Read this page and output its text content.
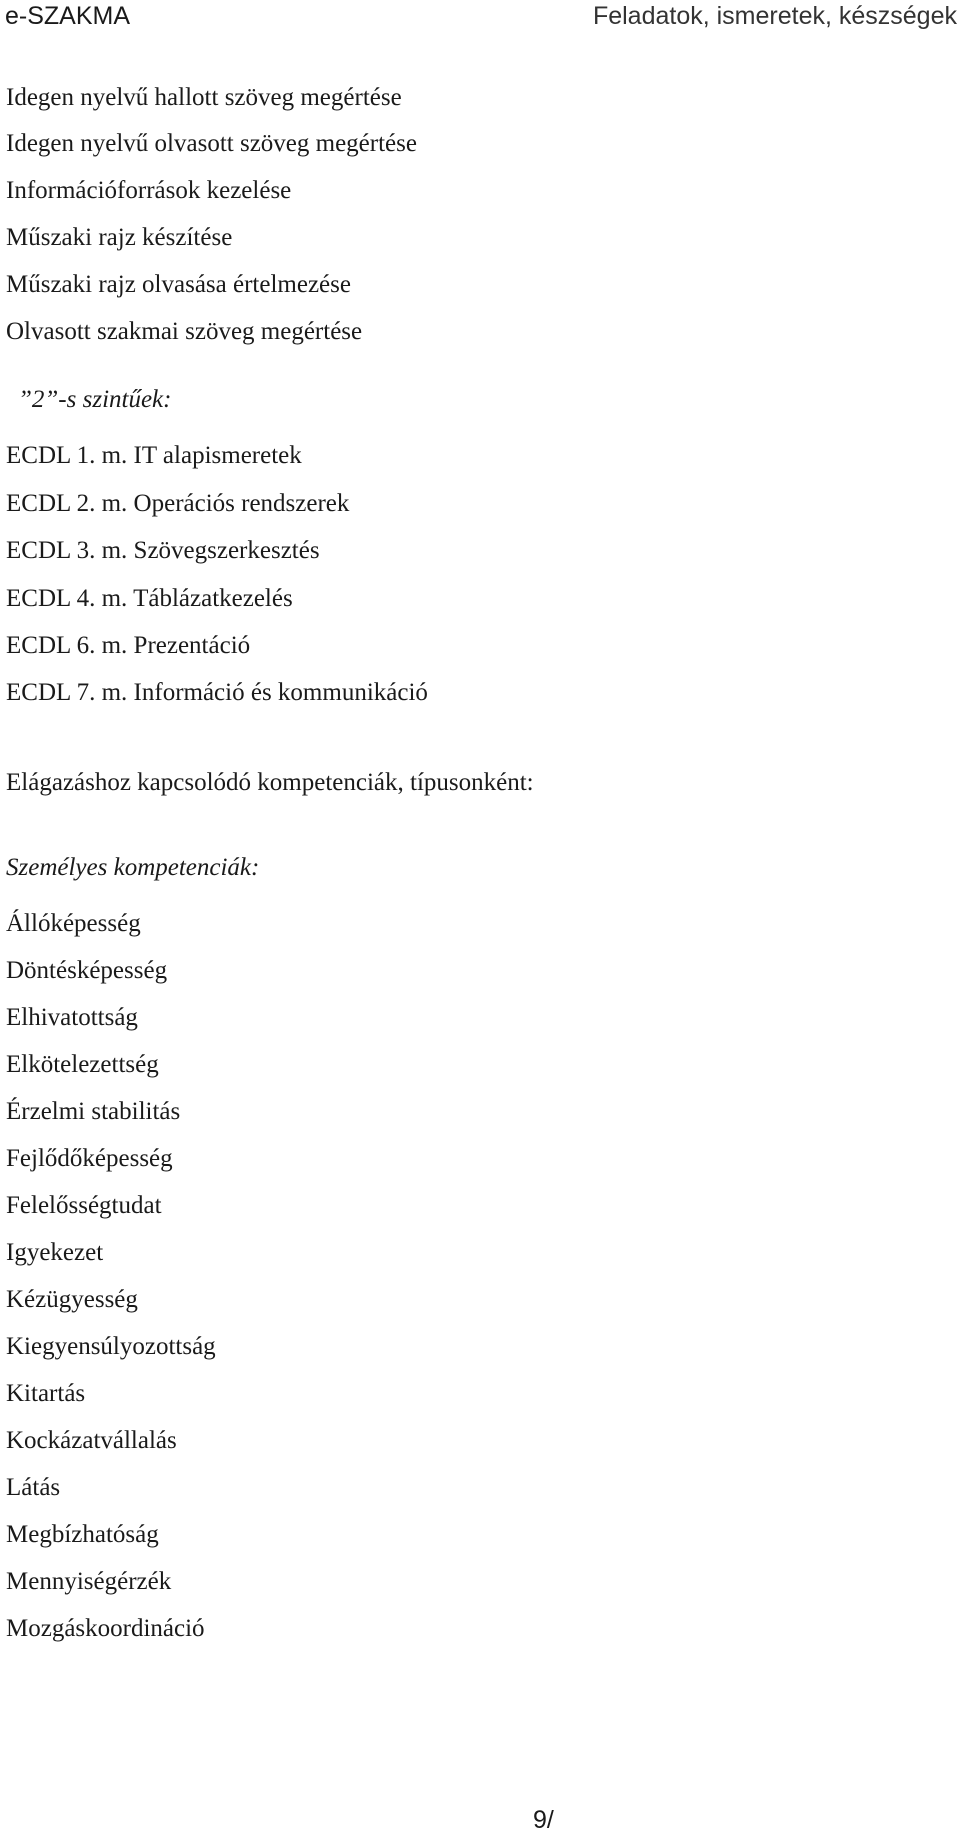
e-SZAKMA	Feladatok, ismeretek, készségek
Idegen nyelvű hallott szöveg megértése
Idegen nyelvű olvasott szöveg megértése
Információforrások kezelése
Műszaki rajz készítése
Műszaki rajz olvasása értelmezése
Olvasott szakmai szöveg megértése
”2”-s szintűek:
ECDL 1. m. IT alapismeretek
ECDL 2. m. Operációs rendszerek
ECDL 3. m. Szövegszerkesztés
ECDL 4. m. Táblázatkezelés
ECDL 6. m. Prezentáció
ECDL 7. m. Információ és kommunikáció
Elágazáshoz kapcsolódó kompetenciák, típusonként:
Személyes kompetenciák:
Állóképesség
Döntésképesség
Elhivatottság
Elkötelezettség
Érzelmi stabilitás
Fejlődőképesség
Felelősségtudat
Igyekezet
Kézügyesség
Kiegyensúlyozottság
Kitartás
Kockázatvállalás
Látás
Megbízhatóság
Mennyiségérzék
Mozgáskoordináció
9/
